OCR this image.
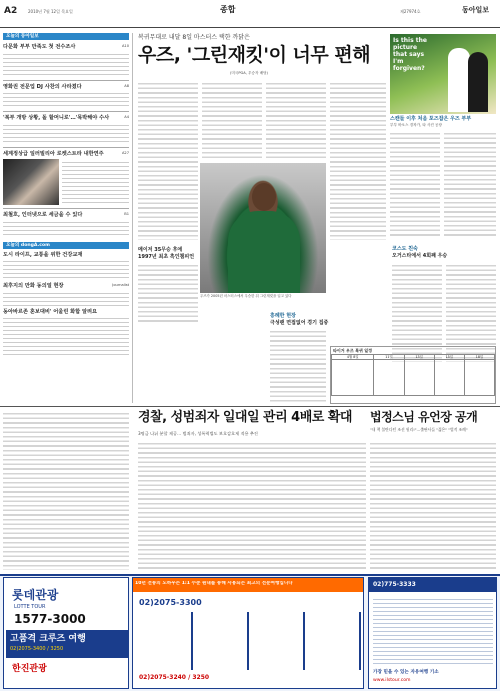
A2	2010년 7월 12일 목요일	종합	제27974호	동아일보
오늘의 동아일보
다문화 부부 만족도 첫 전수조사	A10
영화권 전문업 DJ 사찬의 사라졌다	A8
'복부 개방 상황, 돌 할머니로'…'목박해야 수사	A4
세계정상급 일러빌리아 로켓스트라 내한연주	A27
최철호, 인터넷으로 세금을 수 있다	B1
오늘의 dongA.com
도시 라이프, 교통을 위한 건강교재
최후지의 만화 동의얼 현장	Journalist
동아바르존 혼보대비' 어울린 화합 알려요
복귀무대로 내달 8일 마스터스 택한 까닭은
우즈, '그린재킷'이 너무 편해
(미국PGA, 우승자 배당)
메이저 35무승 후에
1997년 최초 흑인챔피언
우즈가 2005년 마스터스에서 우승한 뒤 그린재킷을 입고 있다
흥례한 현장
극성팬 면접없어 경기 집중
코스도 친숙
오거스타에서 4회째 우승
Is this the picture that says I'm forgiven?
스캔들 이후 처음 포즈잡은 우즈 부부
부부 바오스 경착가, 타 사진 공장
타이거 우즈 복귀 일정
4월 8일	11일	13일	15일	18일

3명금 나뉘 분할 제공… 범죄자, 성폭력법도 보호감호제 적용 추진
경찰, 성범죄자 일대일 관리 4배로 확대 법정스님 유언장 공개
"내 책 불탄다던 조선 원리!"…출판사들 "젊은" "법적 조례"
롯데관광
LOTTE TOUR
1577-3000
고품격 크루즈 여행
02)2075-3400 / 3250
한진관광
10년 전통의 노하우는 1:1 수준 원내를 통해 사용되는 최고의 전문여행입니다
02)2075-3300
02)2075-3240 / 3250
02)775-3333
가장 믿을 수 있는 자유여행 기소
www.ilstour.com
